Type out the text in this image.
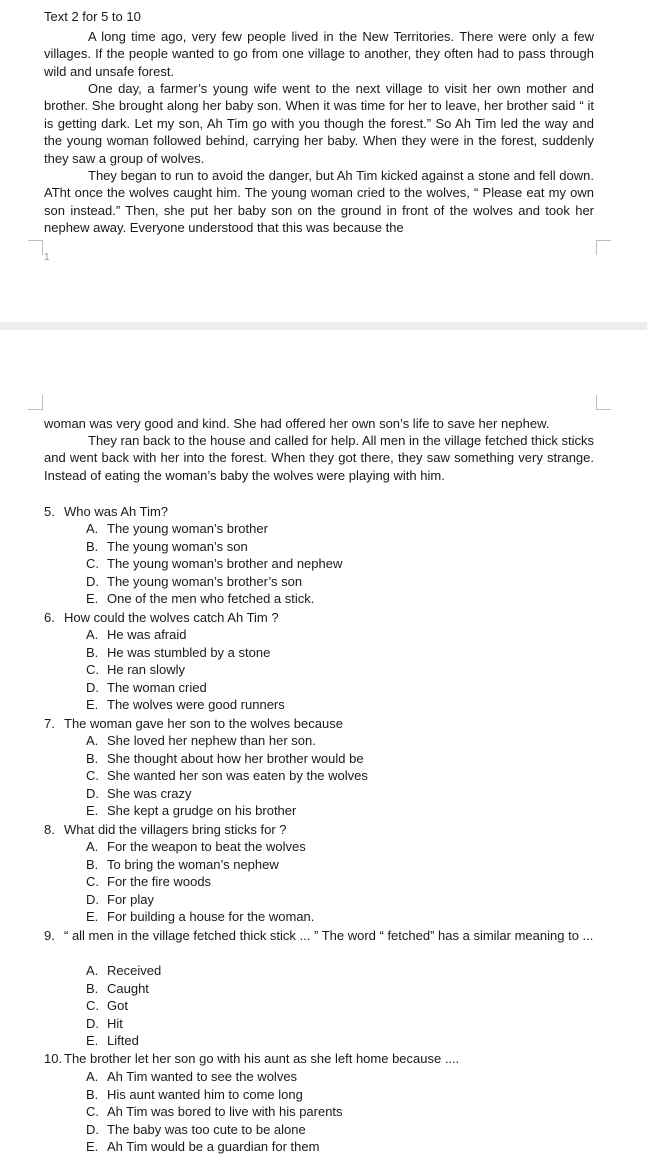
Text 2 for 5 to 10

A long time ago, very few people lived in the New Territories. There were only a few villages. If the people wanted to go from one village to another, they often had to pass through wild and unsafe forest.

One day, a farmer’s young wife went to the next village to visit her own mother and brother. She brought along her baby son. When it was time for her to leave, her brother said “ it is getting dark. Let my son, Ah Tim go with you though the forest.” So Ah Tim led the way and the young woman followed behind, carrying her baby. When they were in the forest, suddenly they saw a group of wolves.

They began to run to avoid the danger, but Ah Tim kicked against a stone and fell down. ATht once the wolves caught him. The young woman cried to the wolves, “ Please eat my own son instead.” Then, she put her baby son on the ground in front of the wolves and took her nephew away. Everyone understood that this was because the

1

woman was very good and kind. She had offered her own son’s life to save her nephew.

They ran back to the house and called for help. All men in the village fetched thick sticks and went back with her into the forest. When they got there, they saw something very strange. Instead of eating the woman’s baby the wolves were playing with him.

5. Who was Ah Tim?

A. The young woman’s brother
B. The young woman’s son
C. The young woman’s brother and nephew
D. The young woman’s brother’s son
E. One of the men who fetched a stick.

6. How could the wolves catch Ah Tim ?

A. He was afraid
B. He was stumbled by a stone
C. He ran slowly
D. The woman cried
E. The wolves were good runners

7. The woman gave her son to the wolves because

A. She loved her nephew than her son.
B. She thought about how her brother would be
C. She wanted her son was eaten by the wolves
D. She was crazy
E. She kept a grudge on his brother

8. What did the villagers bring sticks for ?

A. For the weapon to beat the wolves
B. To bring the woman’s nephew
C. For the fire woods
D. For play
E. For building a house for the woman.
9. “ all men in the village fetched thick stick ... ” The word “ fetched” has a similar meaning to ...
A. Received
B. Caught
C. Got
D. Hit
E. Lifted

10. The brother let her son go with his aunt as she left home because ....

A. Ah Tim wanted to see the wolves
B. His aunt wanted him to come long
C. Ah Tim was bored to live with his parents
D. The baby was too cute to be alone
E. Ah Tim would be a guardian for them
